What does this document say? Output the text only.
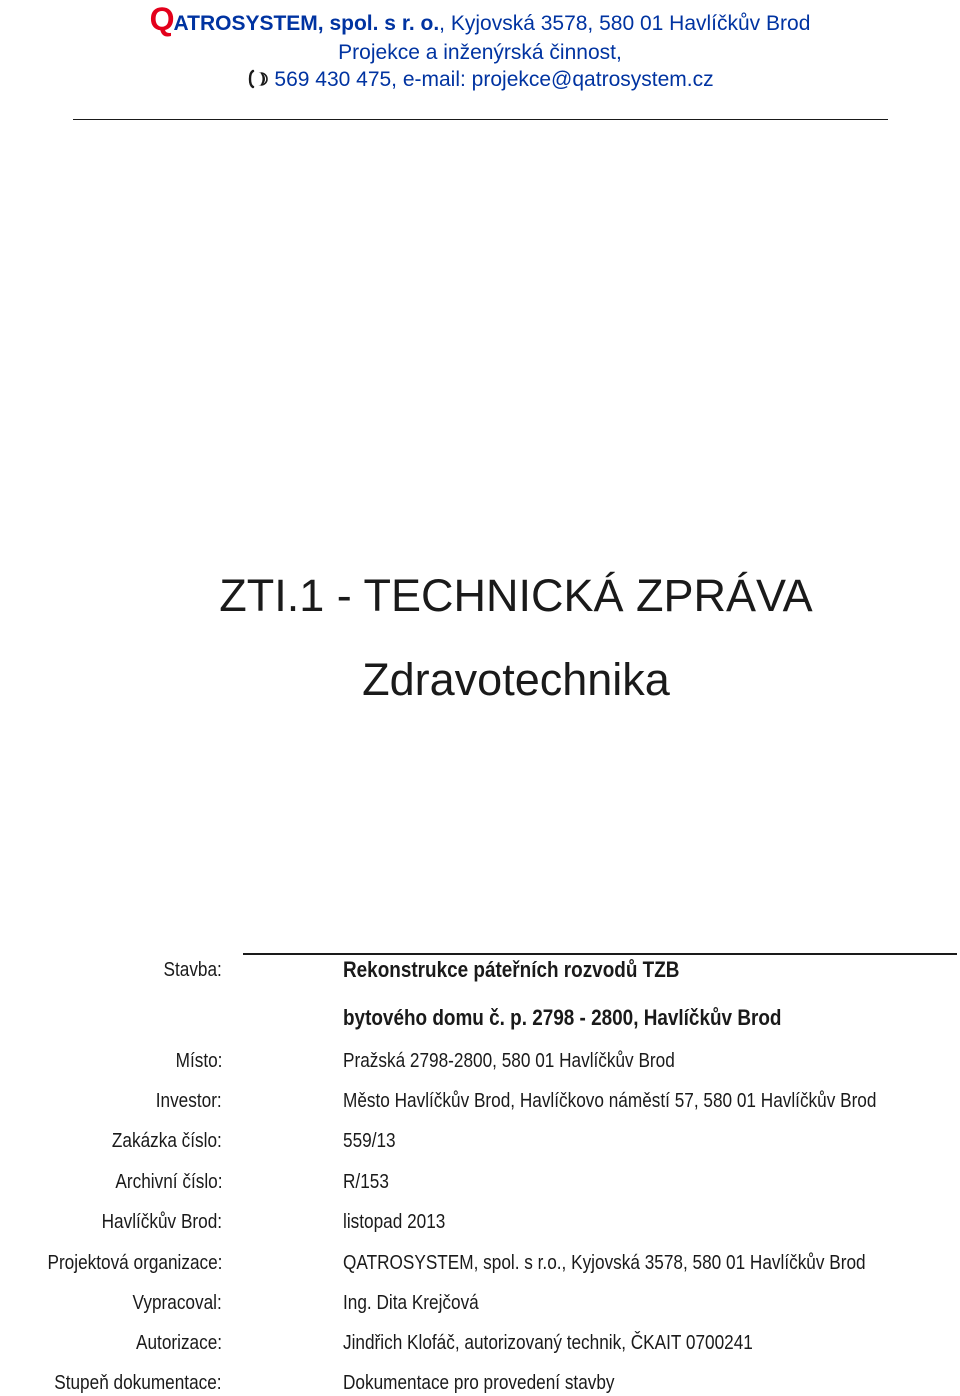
QATROSYSTEM, spol. s r. o., Kyjovská 3578, 580 01 Havlíčkův Brod
Projekce a inženýrská činnost,
569 430 475, e-mail: projekce@qatrosystem.cz
ZTI.1 - TECHNICKÁ ZPRÁVA
Zdravotechnika
Stavba:	Rekonstrukce páteřních rozvodů TZB
bytového domu č. p. 2798 - 2800, Havlíčkův Brod
Místo:	Pražská 2798-2800, 580 01 Havlíčkův Brod
Investor:	Město Havlíčkův Brod, Havlíčkovo náměstí 57, 580 01 Havlíčkův Brod
Zakázka číslo:	559/13
Archivní číslo:	R/153
Havlíčkův Brod:	listopad 2013
Projektová organizace:	QATROSYSTEM, spol. s r.o., Kyjovská 3578, 580 01 Havlíčkův Brod
Vypracoval:	Ing. Dita Krejčová
Autorizace:	Jindřich Klofáč, autorizovaný technik, ČKAIT 0700241
Stupeň dokumentace:	Dokumentace pro provedení stavby
